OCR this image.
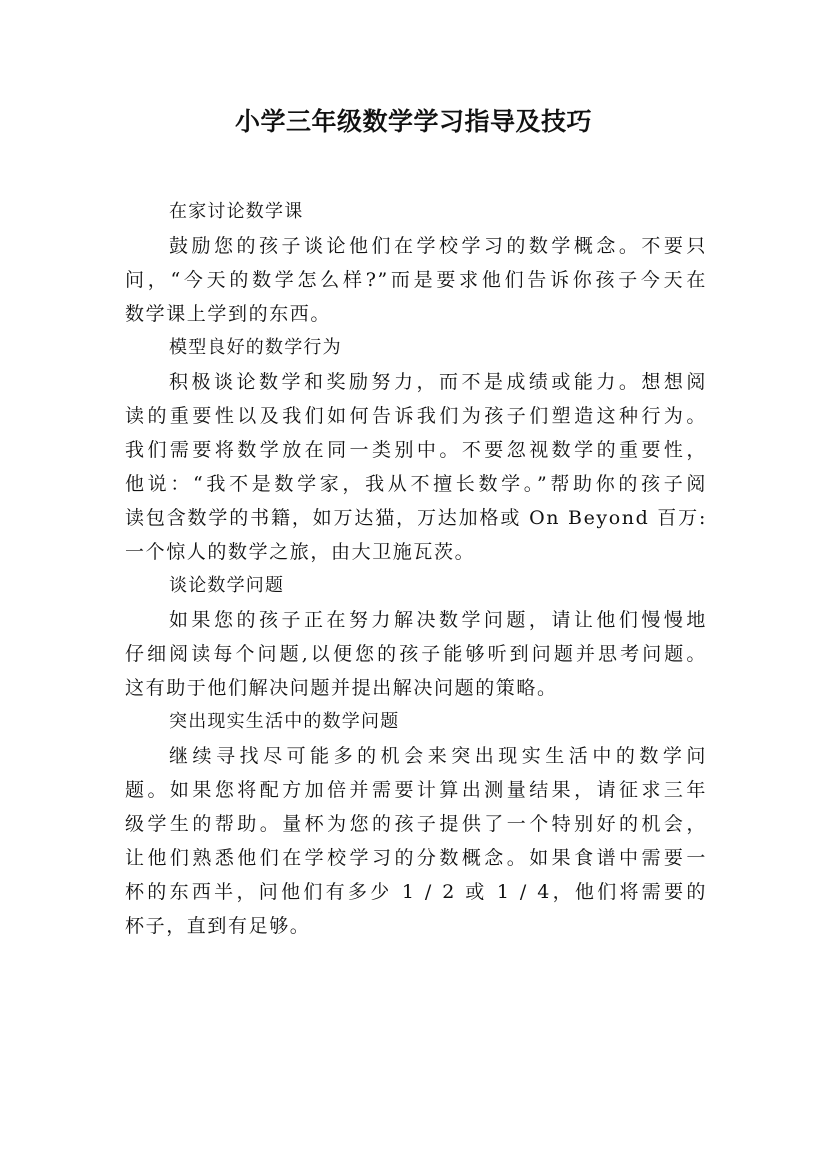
小学三年级数学学习指导及技巧
在家讨论数学课
鼓励您的孩子谈论他们在学校学习的数学概念。不要只
问，“今天的数学怎么样?”而是要求他们告诉你孩子今天在
数学课上学到的东西。
模型良好的数学行为
积极谈论数学和奖励努力，而不是成绩或能力。想想阅
读的重要性以及我们如何告诉我们为孩子们塑造这种行为。
我们需要将数学放在同一类别中。不要忽视数学的重要性，
他说：“我不是数学家，我从不擅长数学。”帮助你的孩子阅
读包含数学的书籍，如万达猫，万达加格或 On Beyond 百万:
一个惊人的数学之旅，由大卫施瓦茨。
谈论数学问题
如果您的孩子正在努力解决数学问题，请让他们慢慢地
仔细阅读每个问题,以便您的孩子能够听到问题并思考问题。
这有助于他们解决问题并提出解决问题的策略。
突出现实生活中的数学问题
继续寻找尽可能多的机会来突出现实生活中的数学问
题。如果您将配方加倍并需要计算出测量结果，请征求三年
级学生的帮助。量杯为您的孩子提供了一个特别好的机会，
让他们熟悉他们在学校学习的分数概念。如果食谱中需要一
杯的东西半，问他们有多少 1 / 2 或 1 / 4，他们将需要的
杯子，直到有足够。
